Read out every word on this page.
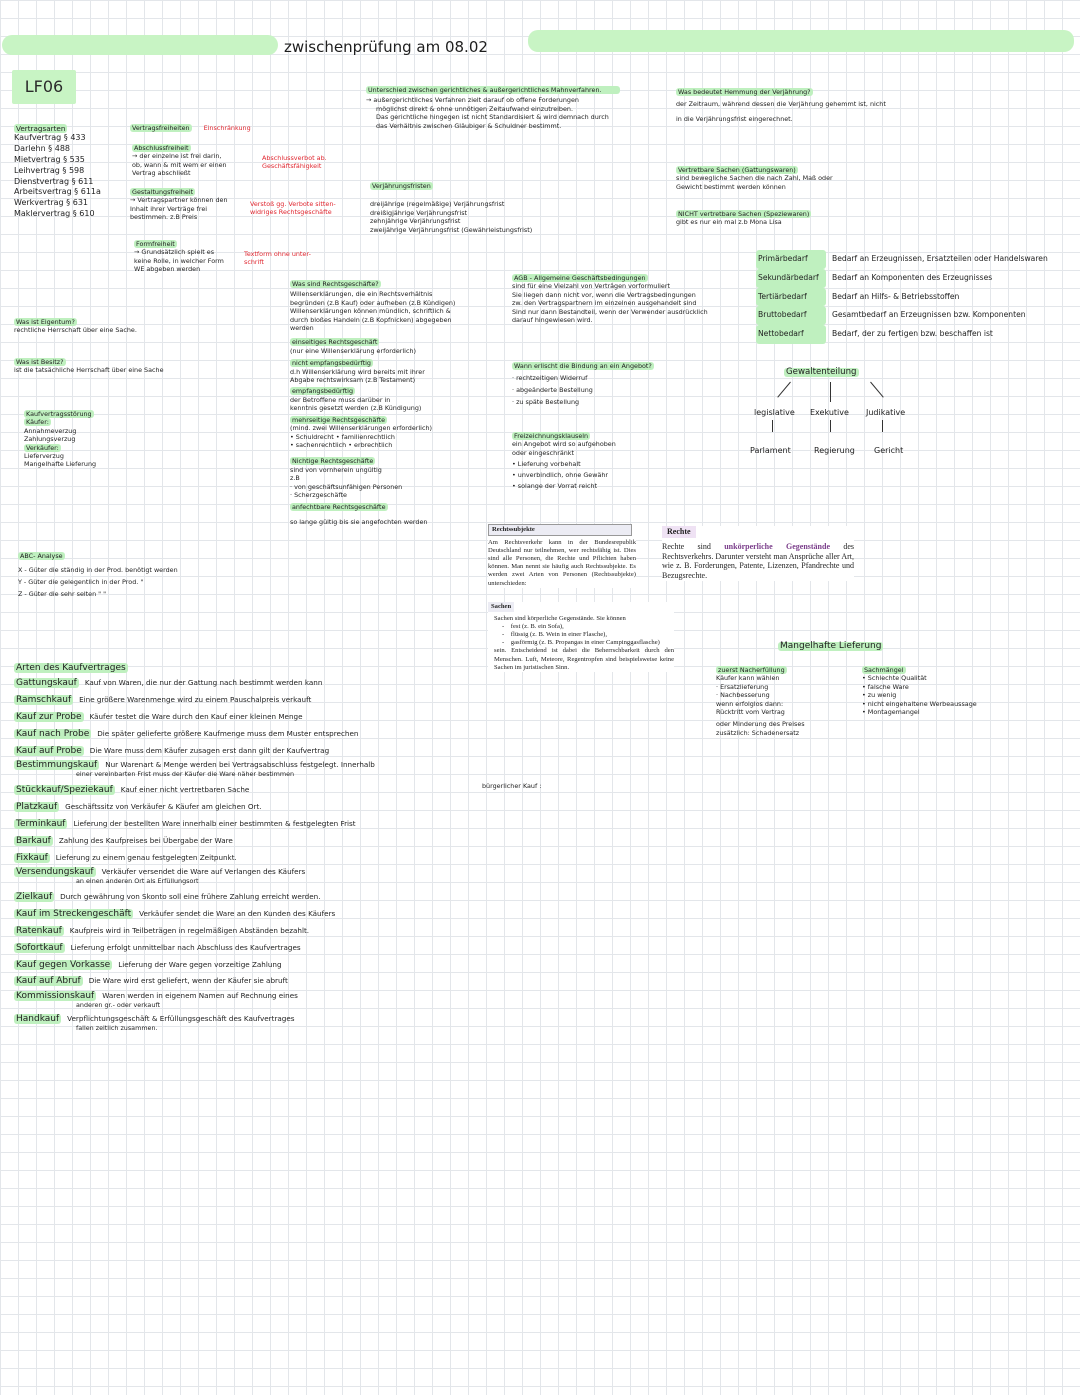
zwischenprüfung am 08.02
LF06
Vertragsarten
Kaufvertrag § 433
Darlehn § 488
Mietvertrag § 535
Leihvertrag § 598
Dienstvertrag § 611
Arbeitsvertrag § 611a
Werkvertrag § 631
Maklervertrag § 610
Was ist Eigentum?
rechtliche Herrschaft über eine Sache.
Was ist Besitz?
ist die tatsächliche Herrschaft über eine Sache
Kaufvertragsstörung
Käufer:
Annahmeverzug
Zahlungsverzug
Verkäufer:
Lieferverzug
Mangelhafte Lieferung
ABC- Analyse
X - Güter die ständig in der Prod. benötigt werden
Y - Güter die gelegentlich in der Prod. "
Z - Güter die sehr selten " "
Vertragsfreiheiten Einschränkung
Abschlussfreiheit
→ der einzelne ist frei darin,
ob, wann & mit wem er einen
Vertrag abschließt
Abschlussverbot ab.
Geschäftsfähigkeit
Gestaltungsfreiheit
→ Vertragspartner können den
Inhalt ihrer Verträge frei
bestimmen. z.B Preis
Verstoß gg. Verbote sitten-
widriges Rechtsgeschäfte
Formfreiheit
→ Grundsätzlich spielt es
keine Rolle, in welcher Form
WE abgeben werden
Textform ohne unter-
schrift
Unterschied zwischen gerichtliches & außergerichtliches Mahnverfahren.
→ außergerichtliches Verfahren zielt darauf ob offene Forderungen
möglichst direkt & ohne unnötigen Zeitaufwand einzutreiben.
Das gerichtliche hingegen ist nicht Standardisiert & wird demnach durch
das Verhältnis zwischen Gläubiger & Schuldner bestimmt.
Verjährungsfristen
dreijährige (regelmäßige) Verjährungsfrist
dreißigjährige Verjährungsfrist
zehnjährige Verjährungsfrist
zweijährige Verjährungsfrist (Gewährleistungsfrist)
Was sind Rechtsgeschäfte?
Willenserklärungen, die ein Rechtsverhältnis
begründen (z.B Kauf) oder aufheben (z.B Kündigen)
Willenserklärungen können mündlich, schriftlich &
durch bloßes Handeln (z.B Kopfnicken) abgegeben
werden
einseitiges Rechtsgeschäft
(nur eine Willenserklärung erforderlich)
nicht empfangsbedürftig
d.h Willenserklärung wird bereits mit ihrer
Abgabe rechtswirksam (z.B Testament)
empfangsbedürftig
der Betroffene muss darüber in
kenntnis gesetzt werden (z.B Kündigung)
mehrseitige Rechtsgeschäfte
(mind. zwei Willenserklärungen erforderlich)
• Schuldrecht • familienrechtlich
• sachenrechtlich • erbrechtlich
Nichtige Rechtsgeschäfte
sind von vornherein ungültig
z.B
· von geschäftsunfähigen Personen
· Scherzgeschäfte
anfechtbare Rechtsgeschäfte
so lange gültig bis sie angefochten werden
AGB - Allgemeine Geschäftsbedingungen
sind für eine Vielzahl von Verträgen vorformuliert
Sie liegen dann nicht vor, wenn die Vertragsbedingungen
zw. den Vertragspartnern im einzelnen ausgehandelt sind
Sind nur dann Bestandteil, wenn der Verwender ausdrücklich
darauf hingewiesen wird.
Wann erlischt die Bindung an ein Angebot?
· rechtzeitigen Widerruf
· abgeänderte Bestellung
· zu späte Bestellung
Freizeichnungsklauseln
ein Angebot wird so aufgehoben
oder eingeschränkt
• Lieferung vorbehalt
• unverbindlich, ohne Gewähr
• solange der Vorrat reicht
Was bedeutet Hemmung der Verjährung?
der Zeitraum, während dessen die Verjährung gehemmt ist, nicht
in die Verjährungsfrist eingerechnet.
Vertretbare Sachen (Gattungswaren)
sind bewegliche Sachen die nach Zahl, Maß oder
Gewicht bestimmt werden können
NICHT vertretbare Sachen (Speziewaren)
gibt es nur ein mal z.b Mona Lisa
Primärbedarf	Bedarf an Erzeugnissen, Ersatzteilen oder Handelswaren
Sekundärbedarf Bedarf an Komponenten des Erzeugnisses
Tertiärbedarf	Bedarf an Hilfs- & Betriebsstoffen
Bruttobedarf	Gesamtbedarf an Erzeugnissen bzw. Komponenten
Nettobedarf	Bedarf, der zu fertigen bzw. beschaffen ist
Gewaltenteilung
legislative Exekutive Judikative
Parlament	Regierung Gericht
Rechtssubjekte
Am Rechtsverkehr kann in der Bundesrepublik Deutschland nur teilnehmen, wer rechtsfähig ist. Dies sind alle Personen, die Rechte und Pflichten haben können. Man nennt sie häufig auch Rechtssubjekte. Es werden zwei Arten von Personen (Rechtssubjekte) unterschieden:
Sachen
Sachen sind körperliche Gegenstände. Sie können
-    fest (z. B. ein Sofa),
-    flüssig (z. B. Wein in einer Flasche),
-    gasförmig (z. B. Propangas in einer Campinggasflasche)
sein. Entscheidend ist dabei die Beherrschbarkeit durch den Menschen. Luft, Meteore, Regentropfen sind beispielsweise keine Sachen im juristischen Sinn.
Rechte
Rechte sind unkörperliche Gegenstände des Rechtsverkehrs. Darunter versteht man Ansprüche aller Art, wie z. B. Forderungen, Patente, Lizenzen, Pfandrechte und Bezugsrechte.
Mangelhafte Lieferung
zuerst Nacherfüllung
Käufer kann wählen
· Ersatzlieferung
· Nachbesserung
wenn erfolglos dann:
Rücktritt vom Vertrag
oder Minderung des Preises
zusätzlich: Schadenersatz
Sachmängel
• Schlechte Qualität
• falsche Ware
• zu wenig
• nicht eingehaltene Werbeaussage
• Montagemangel
bürgerlicher Kauf :
Arten des Kaufvertrages
Gattungskauf Kauf von Waren, die nur der Gattung nach bestimmt werden kann
Ramschkauf Eine größere Warenmenge wird zu einem Pauschalpreis verkauft
Kauf zur Probe Käufer testet die Ware durch den Kauf einer kleinen Menge
Kauf nach Probe Die später gelieferte größere Kaufmenge muss dem Muster entsprechen
Kauf auf Probe Die Ware muss dem Käufer zusagen erst dann gilt der Kaufvertrag
Bestimmungskauf Nur Warenart & Menge werden bei Vertragsabschluss festgelegt. Innerhalb
einer vereinbarten Frist muss der Käufer die Ware näher bestimmen
Stückkauf/Speziekauf Kauf einer nicht vertretbaren Sache
Platzkauf Geschäftssitz von Verkäufer & Käufer am gleichen Ort.
Terminkauf Lieferung der bestellten Ware innerhalb einer bestimmten & festgelegten Frist
Barkauf Zahlung des Kaufpreises bei Übergabe der Ware
Fixkauf Lieferung zu einem genau festgelegten Zeitpunkt.
Versendungskauf Verkäufer versendet die Ware auf Verlangen des Käufers
an einen anderen Ort als Erfüllungsort
Zielkauf Durch gewährung von Skonto soll eine frühere Zahlung erreicht werden.
Kauf im Streckengeschäft Verkäufer sendet die Ware an den Kunden des Käufers
Ratenkauf Kaufpreis wird in Teilbeträgen in regelmäßigen Abständen bezahlt.
Sofortkauf Lieferung erfolgt unmittelbar nach Abschluss des Kaufvertrages
Kauf gegen Vorkasse Lieferung der Ware gegen vorzeitige Zahlung
Kauf auf Abruf Die Ware wird erst geliefert, wenn der Käufer sie abruft
Kommissionskauf Waren werden in eigenem Namen auf Rechnung eines
anderen gr.- oder verkauft
Handkauf Verpflichtungsgeschäft & Erfüllungsgeschäft des Kaufvertrages
fallen zeitlich zusammen.
